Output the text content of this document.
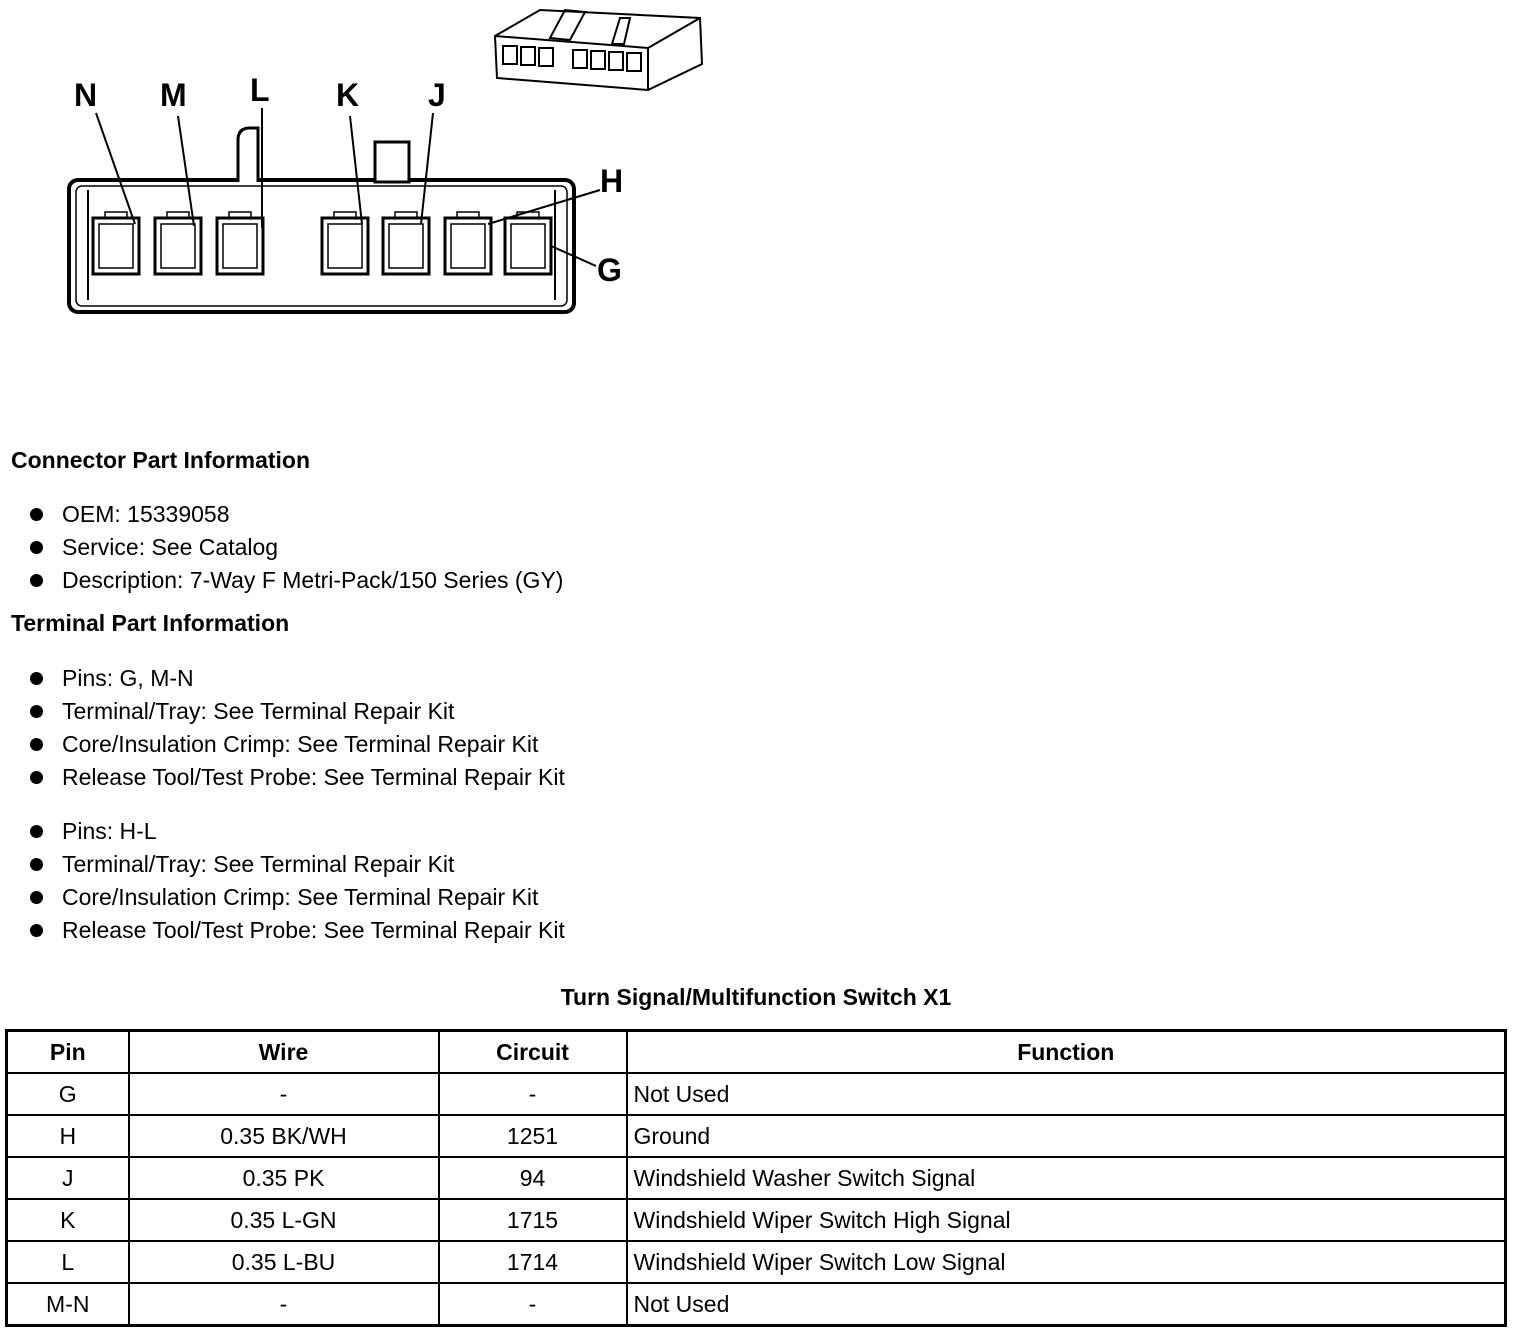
N M L K J
H
G
Connector Part Information
OEM: 15339058
Service: See Catalog
Description: 7-Way F Metri-Pack/150 Series (GY)
Terminal Part Information
Pins: G, M-N
Terminal/Tray: See Terminal Repair Kit
Core/Insulation Crimp: See Terminal Repair Kit
Release Tool/Test Probe: See Terminal Repair Kit
Pins: H-L
Terminal/Tray: See Terminal Repair Kit
Core/Insulation Crimp: See Terminal Repair Kit
Release Tool/Test Probe: See Terminal Repair Kit
Turn Signal/Multifunction Switch X1
Pin	Wire	Circuit	Function
G	-	-	Not Used
H	0.35 BK/WH	1251	Ground
J	0.35 PK	94	Windshield Washer Switch Signal
K	0.35 L-GN	1715	Windshield Wiper Switch High Signal
L	0.35 L-BU	1714	Windshield Wiper Switch Low Signal
M-N	-	-	Not Used
